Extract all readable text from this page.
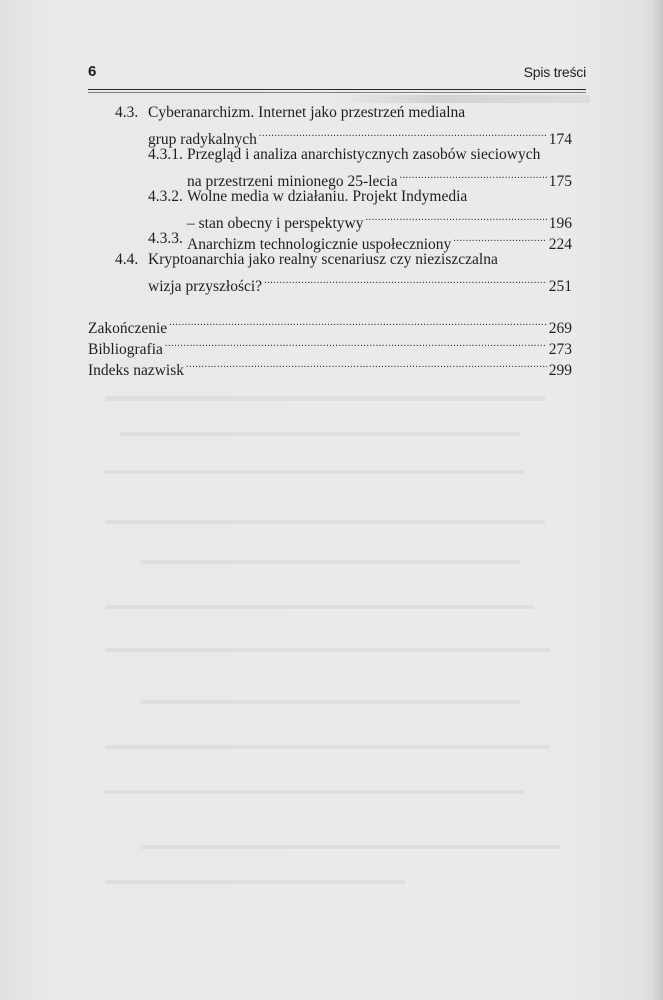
6	Spis treści
4.3. Cyberanarchizm. Internet jako przestrzeń medialna
grup radykalnych .....	174
4.3.1. Przegląd i analiza anarchistycznych zasobów sieciowych
na przestrzeni minionego 25-lecia .....	175
4.3.2. Wolne media w działaniu. Projekt Indymedia
– stan obecny i perspektywy .....	196
4.3.3. Anarchizm technologicznie uspołeczniony .....	224
4.4. Kryptoanarchia jako realny scenariusz czy nieziszczalna
wizja przyszłości? .....	251
Zakończenie .....	269
Bibliografia .....	273
Indeks nazwisk .....	299
